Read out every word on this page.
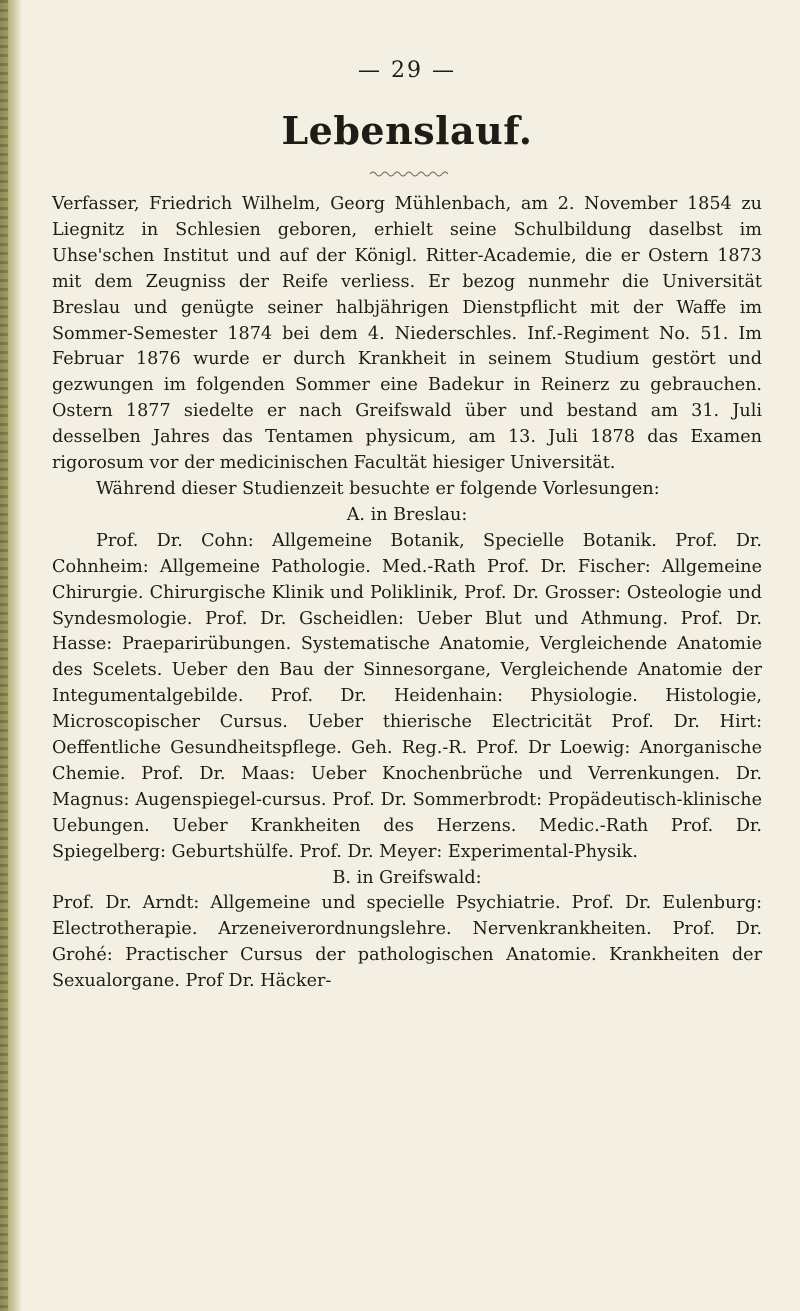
— 29 —

Lebenslauf.

Verfasser, Friedrich Wilhelm, Georg Mühlenbach, am 2. November 1854 zu Liegnitz in Schlesien geboren, erhielt seine Schulbildung daselbst im Uhse'schen Institut und auf der Königl. Ritter-Academie, die er Ostern 1873 mit dem Zeugniss der Reife verliess. Er bezog nunmehr die Universität Breslau und genügte seiner halbjährigen Dienstpflicht mit der Waffe im Sommer-Semester 1874 bei dem 4. Niederschles. Inf.-Regiment No. 51. Im Februar 1876 wurde er durch Krankheit in seinem Studium gestört und gezwungen im folgenden Sommer eine Badekur in Reinerz zu gebrauchen. Ostern 1877 siedelte er nach Greifswald über und bestand am 31. Juli desselben Jahres das Tentamen physicum, am 13. Juli 1878 das Examen rigorosum vor der medicinischen Facultät hiesiger Universität.

Während dieser Studienzeit besuchte er folgende Vorlesungen:

A. in Breslau:

Prof. Dr. Cohn: Allgemeine Botanik, Specielle Botanik. Prof. Dr. Cohnheim: Allgemeine Pathologie. Med.-Rath Prof. Dr. Fischer: Allgemeine Chirurgie. Chirurgische Klinik und Poliklinik, Prof. Dr. Grosser: Osteologie und Syndesmologie. Prof. Dr. Gscheidlen: Ueber Blut und Athmung. Prof. Dr. Hasse: Praeparirübungen. Systematische Anatomie, Vergleichende Anatomie des Scelets. Ueber den Bau der Sinnesorgane, Vergleichende Anatomie der Integumentalgebilde. Prof. Dr. Heidenhain: Physiologie. Histologie, Microscopischer Cursus. Ueber thierische Electricität Prof. Dr. Hirt: Oeffentliche Gesundheitspflege. Geh. Reg.-R. Prof. Dr Loewig: Anorganische Chemie. Prof. Dr. Maas: Ueber Knochenbrüche und Verrenkungen. Dr. Magnus: Augenspiegel-cursus. Prof. Dr. Sommerbrodt: Propädeutisch-klinische Uebungen. Ueber Krankheiten des Herzens. Medic.-Rath Prof. Dr. Spiegelberg: Geburtshülfe. Prof. Dr. Meyer: Experimental-Physik.

B. in Greifswald:

Prof. Dr. Arndt: Allgemeine und specielle Psychiatrie. Prof. Dr. Eulenburg: Electrotherapie. Arzeneiverordnungslehre. Nervenkrankheiten. Prof. Dr. Grohé: Practischer Cursus der pathologischen Anatomie. Krankheiten der Sexualorgane. Prof Dr. Häcker-
